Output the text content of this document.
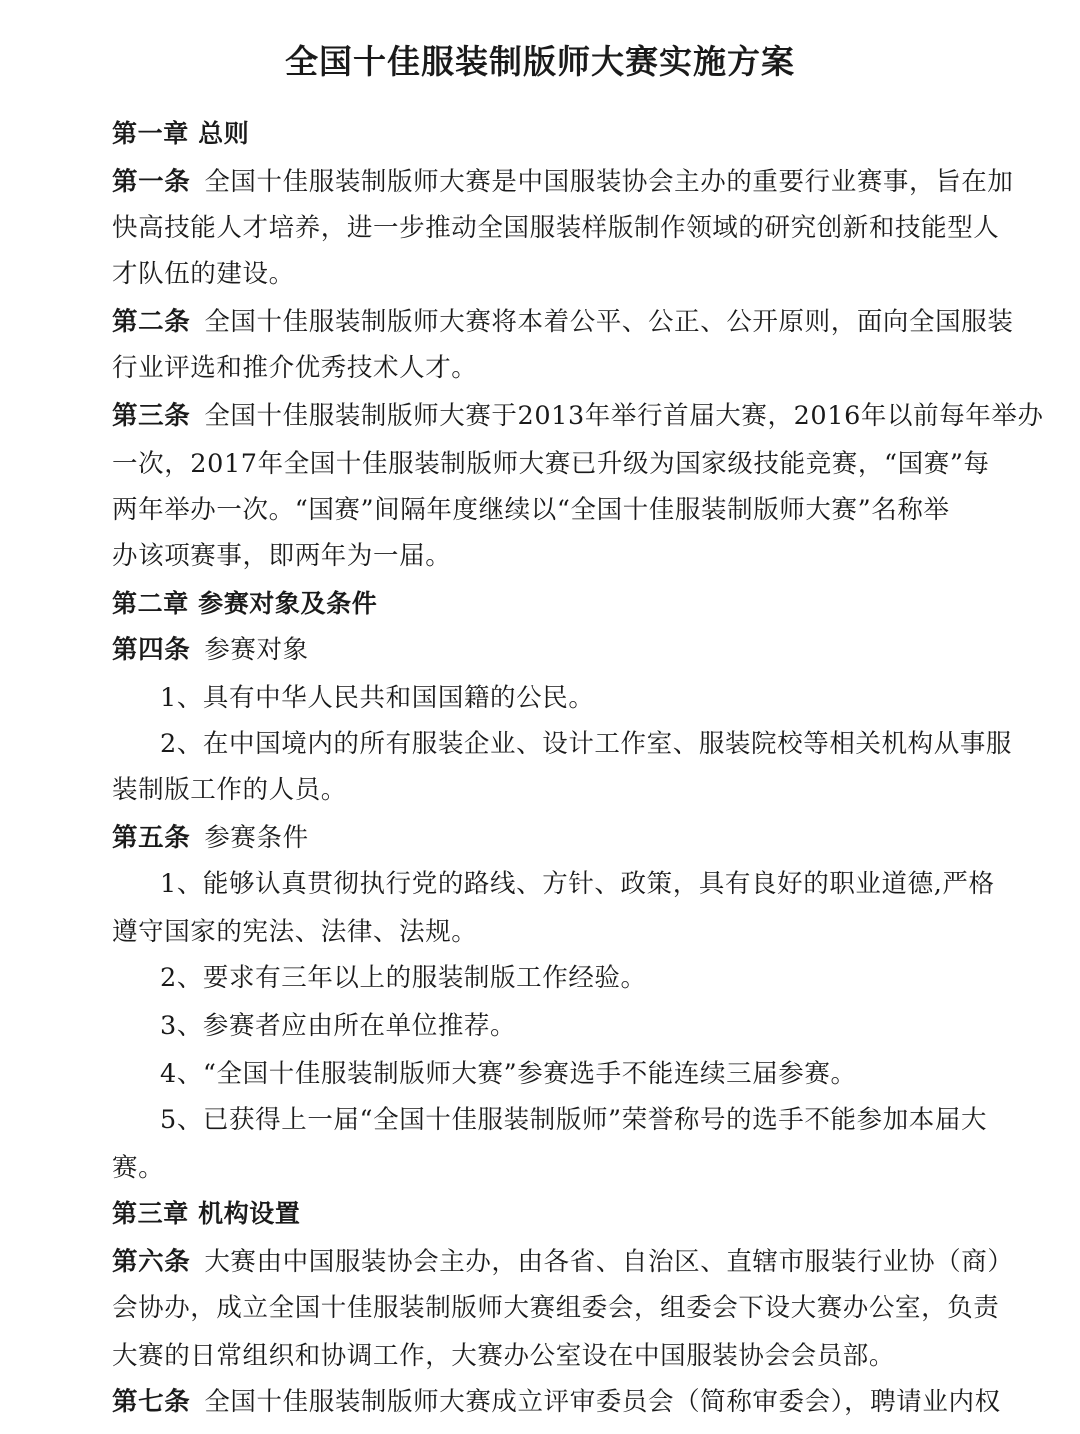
全国十佳服装制版师大赛实施方案
第一章 总则
第一条 全国十佳服装制版师大赛是中国服装协会主办的重要行业赛事，旨在加
快高技能人才培养，进一步推动全国服装样版制作领域的研究创新和技能型人
才队伍的建设。
第二条 全国十佳服装制版师大赛将本着公平、公正、公开原则，面向全国服装
行业评选和推介优秀技术人才。
第三条 全国十佳服装制版师大赛于2013年举行首届大赛，2016年以前每年举办
一次，2017年全国十佳服装制版师大赛已升级为国家级技能竞赛，“国赛”每
两年举办一次。“国赛”间隔年度继续以“全国十佳服装制版师大赛”名称举
办该项赛事，即两年为一届。
第二章 参赛对象及条件
第四条 参赛对象
1、具有中华人民共和国国籍的公民。
2、在中国境内的所有服装企业、设计工作室、服装院校等相关机构从事服
装制版工作的人员。
第五条 参赛条件
1、能够认真贯彻执行党的路线、方针、政策，具有良好的职业道德,严格
遵守国家的宪法、法律、法规。
2、要求有三年以上的服装制版工作经验。
3、参赛者应由所在单位推荐。
4、“全国十佳服装制版师大赛”参赛选手不能连续三届参赛。
5、已获得上一届“全国十佳服装制版师”荣誉称号的选手不能参加本届大
赛。
第三章 机构设置
第六条 大赛由中国服装协会主办，由各省、自治区、直辖市服装行业协（商）
会协办，成立全国十佳服装制版师大赛组委会，组委会下设大赛办公室，负责
大赛的日常组织和协调工作，大赛办公室设在中国服装协会会员部。
第七条 全国十佳服装制版师大赛成立评审委员会（简称审委会），聘请业内权
